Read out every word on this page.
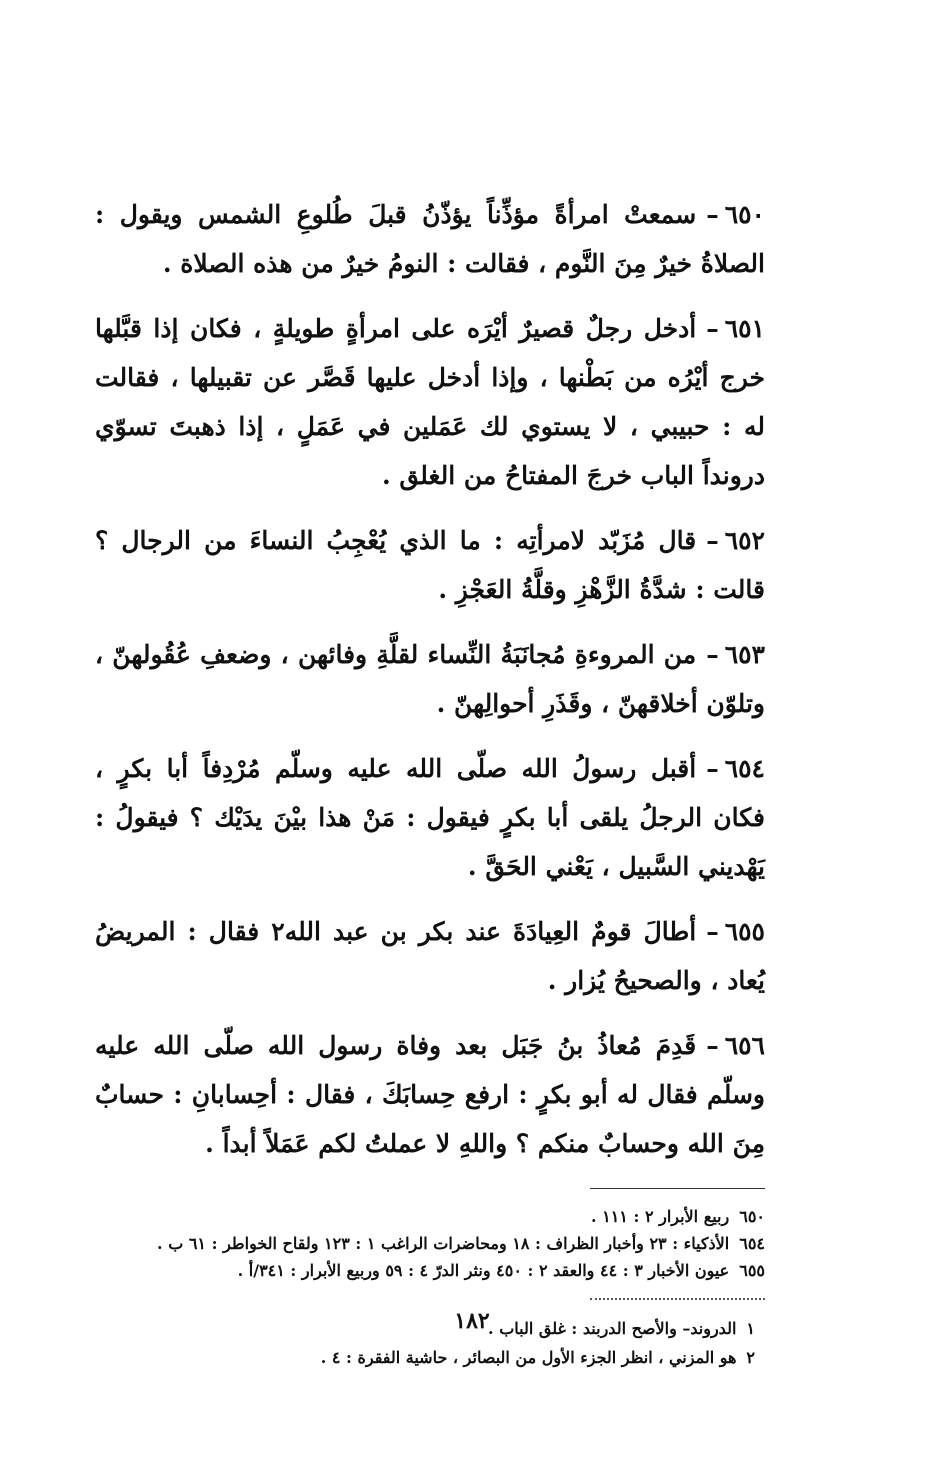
٦٥٠–

سمعتْ امرأةً مؤذِّناً يؤذّنُ قبلَ طُلوعِ الشمس ويقول : الصلاةُ خيرٌ مِنَ النَّوم ، فقالت : النومُ خيرٌ من هذه الصلاة .

٦٥١–

أدخل رجلٌ قصيرٌ أيْرَه على امرأةٍ طويلةٍ ، فكان إذا قبَّلها خرج أيْرُه من بَطْنها ، وإذا أدخل عليها قَصَّر عن تقبيلها ، فقالت له : حبيبي ، لا يستوي لك عَمَلين في عَمَلٍ ، إذا ذهبتَ تسوّي درونداً الباب خرجَ المفتاحُ من الغلق .

٦٥٢–

قال مُزَبّد لامرأتِه : ما الذي يُعْجِبُ النساءَ من الرجال ؟ قالت : شدَّةُ الزَّهْزِ وقلَّةُ العَجْزِ .

٦٥٣–

من المروءةِ مُجانَبَةُ النِّساء لقلَّةِ وفائهن ، وضعفِ عُقُولهنّ ، وتلوّن أخلاقهنّ ، وقَذَرِ أحوالِهنّ .

٦٥٤–

أقبل رسولُ الله صلّى الله عليه وسلّم مُرْدِفاً أبا بكرٍ ، فكان الرجلُ يلقى أبا بكرٍ فيقول : مَنْ هذا بيْنَ يدَيْك ؟ فيقولُ : يَهْديني السَّبيل ، يَعْني الحَقَّ .

٦٥٥–

أطالَ قومٌ العِيادَةَ عند بكر بن عبد الله٢ فقال : المريضُ يُعاد ، والصحيحُ يُزار .

٦٥٦–

قَدِمَ مُعاذُ بنُ جَبَل بعد وفاة رسول الله صلّى الله عليه وسلّم فقال له أبو بكرٍ : ارفع حِسابَكَ ، فقال : أحِسابانِ : حسابٌ مِنَ الله وحسابٌ منكم ؟ واللهِ لا عملتُ لكم عَمَلاً أبداً .

٦٥٠ربيع الأبرار ٢ : ١١١ .
٦٥٤الأذكياء : ٢٣ وأخبار الظراف : ١٨ ومحاضرات الراغب ١ : ١٢٣ ولقاح الخواطر : ٦١ ب .
٦٥٥عيون الأخبار ٣ : ٤٤ والعقد ٢ : ٤٥٠ ونثر الدرّ ٤ : ٥٩ وربيع الأبرار : ٣٤١/أ .
١الدروند– والأصح الدربند : غلق الباب .
٢هو المزني ، انظر الجزء الأول من البصائر ، حاشية الفقرة : ٤ .
١٨٢
